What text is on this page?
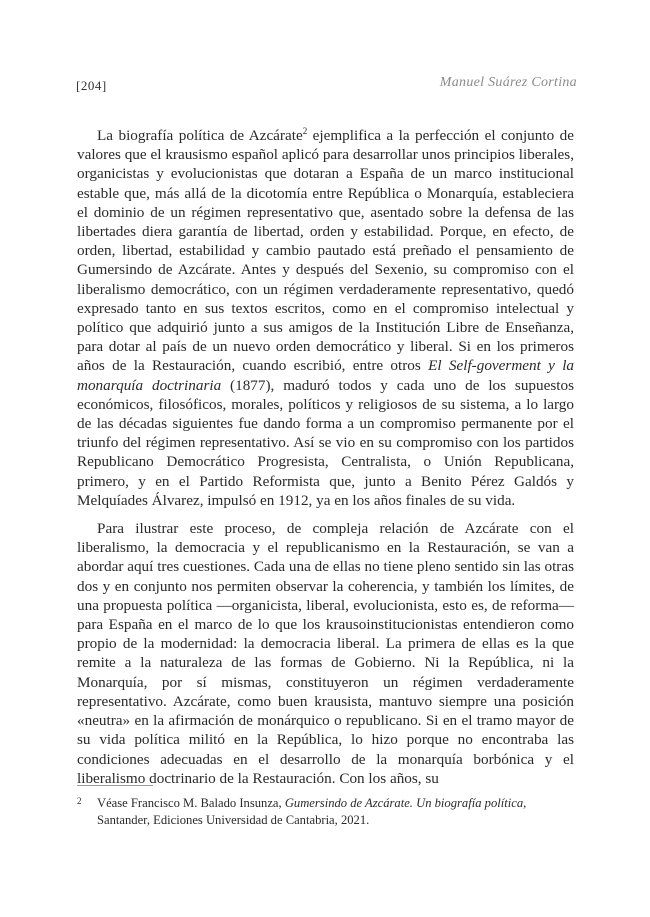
[204]	Manuel Suárez Cortina

La biografía política de Azcárate$^2$ ejemplifica a la perfección el conjunto de valores que el krausismo español aplicó para desarrollar unos principios liberales, organicistas y evolucionistas que dotaran a España de un marco institucional estable que, más allá de la dicotomía entre República o Monarquía, estableciera el dominio de un régimen representativo que, asentado sobre la defensa de las libertades diera garantía de libertad, orden y estabilidad. Porque, en efecto, de orden, libertad, estabilidad y cambio pautado está preñado el pensamiento de Gumersindo de Azcárate. Antes y después del Sexenio, su compromiso con el liberalismo democrático, con un régimen verdaderamente representativo, quedó expresado tanto en sus textos escritos, como en el compromiso intelectual y político que adquirió junto a sus amigos de la Institución Libre de Enseñanza, para dotar al país de un nuevo orden democrático y liberal. Si en los primeros años de la Restauración, cuando escribió, entre otros El Self-goverment y la monarquía doctrinaria (1877), maduró todos y cada uno de los supuestos económicos, filosóficos, morales, políticos y religiosos de su sistema, a lo largo de las décadas siguientes fue dando forma a un compromiso permanente por el triunfo del régimen representativo. Así se vio en su compromiso con los partidos Republicano Democrático Progresista, Centralista, o Unión Republicana, primero, y en el Partido Reformista que, junto a Benito Pérez Galdós y Melquíades Álvarez, impulsó en 1912, ya en los años finales de su vida.

Para ilustrar este proceso, de compleja relación de Azcárate con el liberalismo, la democracia y el republicanismo en la Restauración, se van a abordar aquí tres cuestiones. Cada una de ellas no tiene pleno sentido sin las otras dos y en conjunto nos permiten observar la coherencia, y también los límites, de una propuesta política —organicista, liberal, evolucionista, esto es, de reforma— para España en el marco de lo que los krausoinstitucionistas entendieron como propio de la modernidad: la democracia liberal. La primera de ellas es la que remite a la naturaleza de las formas de Gobierno. Ni la República, ni la Monarquía, por sí mismas, constituyeron un régimen verdaderamente representativo. Azcárate, como buen krausista, mantuvo siempre una posición «neutra» en la afirmación de monárquico o republicano. Si en el tramo mayor de su vida política militó en la República, lo hizo porque no encontraba las condiciones adecuadas en el desarrollo de la monarquía borbónica y el liberalismo doctrinario de la Restauración. Con los años, su

2	Véase Francisco M. Balado Insunza, Gumersindo de Azcárate. Un biografía política, Santander, Ediciones Universidad de Cantabria, 2021.
